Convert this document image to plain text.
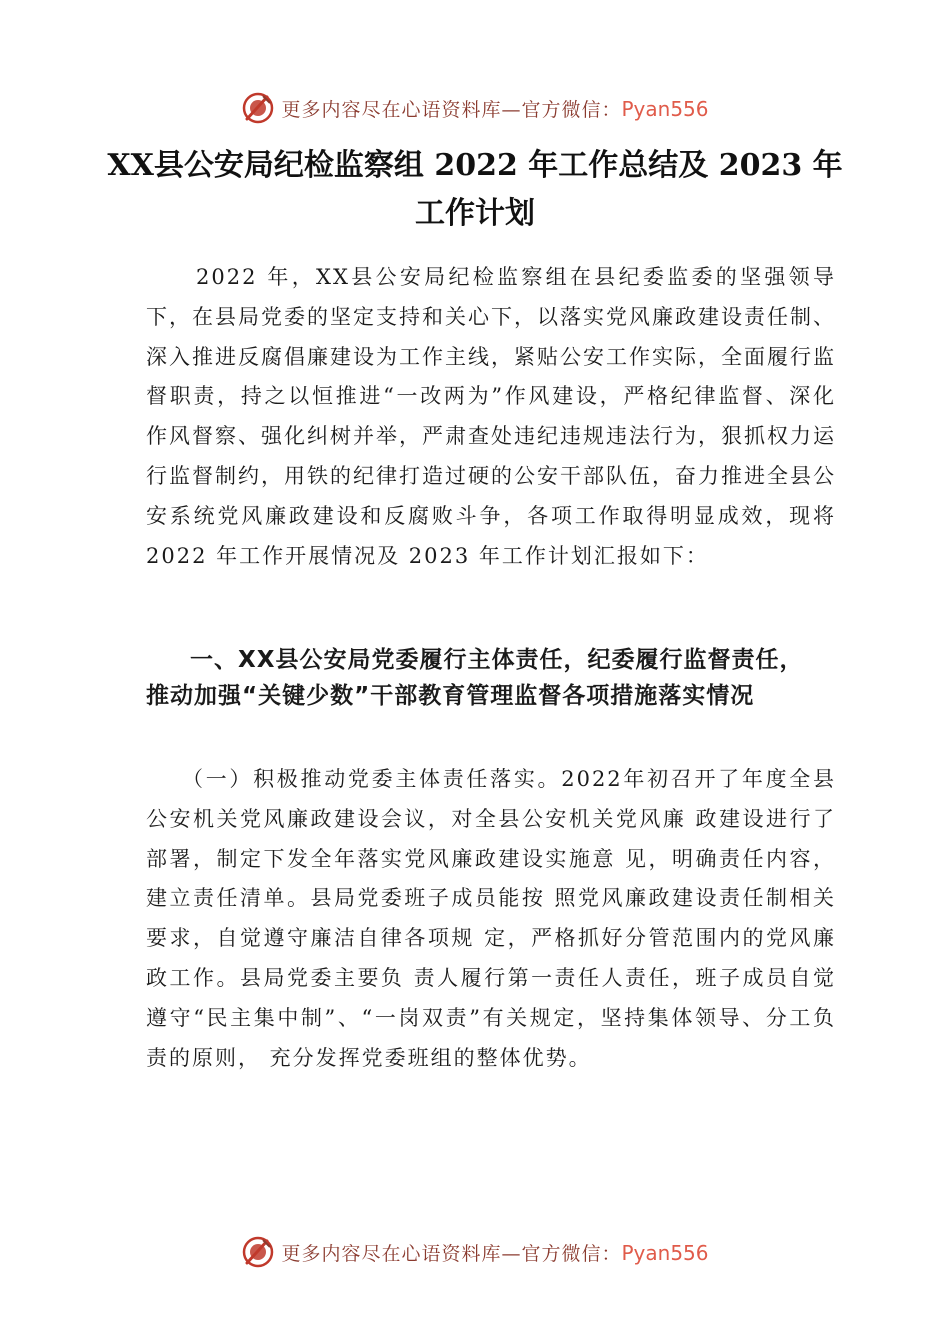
更多内容尽在心语资料库—官方微信：Pyan556
XX县公安局纪检监察组 2022 年工作总结及 2023 年工作计划

2022 年，XX县公安局纪检监察组在县纪委监委的坚强领导下，在县局党委的坚定支持和关心下，以落实党风廉政建设责任制、深入推进反腐倡廉建设为工作主线，紧贴公安工作实际，全面履行监督职责，持之以恒推进“一改两为”作风建设，严格纪律监督、深化作风督察、强化纠树并举，严肃查处违纪违规违法行为，狠抓权力运行监督制约，用铁的纪律打造过硬的公安干部队伍，奋力推进全县公安系统党风廉政建设和反腐败斗争，各项工作取得明显成效，现将 2022 年工作开展情况及 2023 年工作计划汇报如下：

一、XX县公安局党委履行主体责任，纪委履行监督责任，推动加强“关键少数”干部教育管理监督各项措施落实情况

（一）积极推动党委主体责任落实。2022年初召开了年度全县公安机关党风廉政建设会议，对全县公安机关党风廉 政建设进行了部署，制定下发全年落实党风廉政建设实施意 见，明确责任内容，建立责任清单。县局党委班子成员能按 照党风廉政建设责任制相关要求，自觉遵守廉洁自律各项规 定，严格抓好分管范围内的党风廉政工作。县局党委主要负 责人履行第一责任人责任，班子成员自觉遵守“民主集中制”、“一岗双责”有关规定，坚持集体领导、分工负责的原则， 充分发挥党委班组的整体优势。

更多内容尽在心语资料库—官方微信：Pyan556
